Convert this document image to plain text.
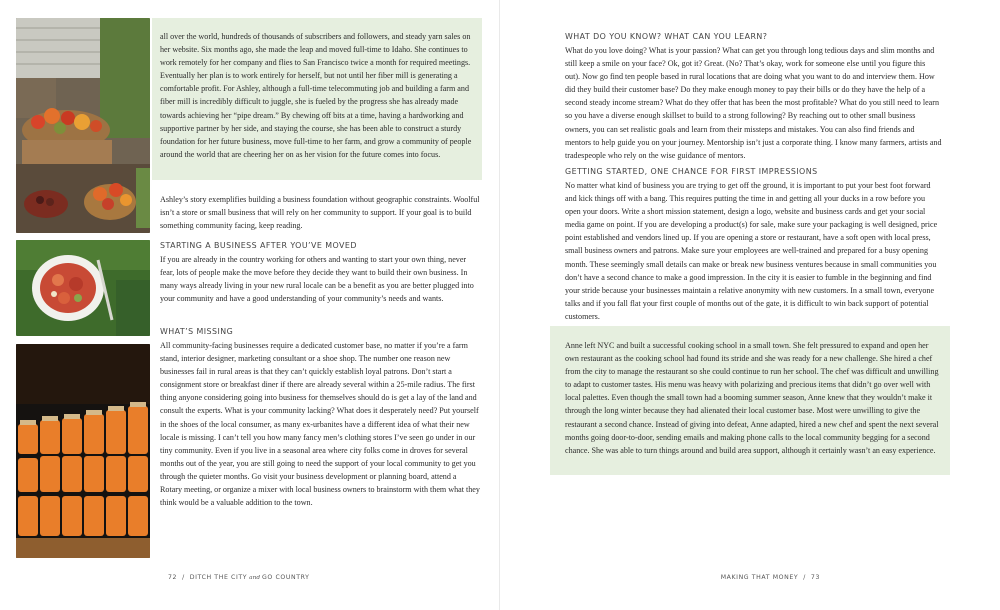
all over the world, hundreds of thousands of subscribers and followers, and steady yarn sales on her website. Six months ago, she made the leap and moved full-time to Idaho. She continues to work remotely for her company and flies to San Francisco twice a month for required meetings. Eventually her plan is to work entirely for herself, but not until her fiber mill is generating a comfortable profit. For Ashley, although a full-time telecommuting job and building a farm and fiber mill is incredibly difficult to juggle, she is fueled by the progress she has already made towards achieving her “pipe dream.” By chewing off bits at a time, having a hardworking and supportive partner by her side, and staying the course, she has been able to construct a sturdy foundation for her future business, move full-time to her farm, and grow a community of people around the world that are cheering her on as her vision for the future comes into focus.

Ashley’s story exemplifies building a business foundation without geographic constraints. Woolful isn’t a store or small business that will rely on her community to support. If your goal is to build something community facing, keep reading.

STARTING A BUSINESS AFTER YOU’VE MOVED

If you are already in the country working for others and wanting to start your own thing, never fear, lots of people make the move before they decide they want to build their own business. In many ways already living in your new rural locale can be a benefit as you are better plugged into your community and have a good understanding of your community’s needs and wants.

WHAT’S MISSING

All community-facing businesses require a dedicated customer base, no matter if you’re a farm stand, interior designer, marketing consultant or a shoe shop. The number one reason new businesses fail in rural areas is that they can’t quickly establish loyal patrons. Don’t start a consignment store or breakfast diner if there are already several within a 25-mile radius. The first thing anyone considering going into business for themselves should do is get a lay of the land and consult the experts. What is your community lacking? What does it desperately need? Put yourself in the shoes of the local consumer, as many ex-urbanites have a different idea of what their new locale is missing. I can’t tell you how many fancy men’s clothing stores I’ve seen go under in our tiny community. Even if you live in a seasonal area where city folks come in droves for several months out of the year, you are still going to need the support of your local community to get you through the quieter months. Go visit your business development or planning board, attend a Rotary meeting, or organize a mixer with local business owners to brainstorm with them what they think would be a valuable addition to the town.

72 / DITCH THE CITY and GO COUNTRY
WHAT DO YOU KNOW? WHAT CAN YOU LEARN?

What do you love doing? What is your passion? What can get you through long tedious days and slim months and still keep a smile on your face? Ok, got it? Great. (No? That’s okay, work for someone else until you figure this out). Now go find ten people based in rural locations that are doing what you want to do and interview them. How did they build their customer base? Do they make enough money to pay their bills or do they have the help of a second steady income stream? What do they offer that has been the most profitable? What do you still need to learn so you have a diverse enough skillset to build to a strong following? By reaching out to other small business owners, you can set realistic goals and learn from their missteps and mistakes. You can also find friends and mentors to help guide you on your journey. Mentorship isn’t just a corporate thing. I know many farmers, artists and tradespeople who rely on the wise guidance of mentors.

GETTING STARTED, ONE CHANCE FOR FIRST IMPRESSIONS

No matter what kind of business you are trying to get off the ground, it is important to put your best foot forward and kick things off with a bang. This requires putting the time in and getting all your ducks in a row before you open your doors. Write a short mission statement, design a logo, website and business cards and get your social media game on point. If you are developing a product(s) for sale, make sure your packaging is well designed, price point established and vendors lined up. If you are opening a store or restaurant, have a soft open with local press, small business owners and patrons. Make sure your employees are well-trained and prepared for a busy opening month. These seemingly small details can make or break new business ventures because in small communities you don’t have a second chance to make a good impression. In the city it is easier to fumble in the beginning and find your stride because your businesses maintain a relative anonymity with new customers. In a small town, everyone talks and if you fall flat your first couple of months out of the gate, it is difficult to win back support of potential customers.

Anne left NYC and built a successful cooking school in a small town. She felt pressured to expand and open her own restaurant as the cooking school had found its stride and she was ready for a new challenge. She hired a chef from the city to manage the restaurant so she could continue to run her school. The chef was difficult and unwilling to adapt to customer tastes. His menu was heavy with polarizing and precious items that didn’t go over well with local palettes. Even though the small town had a booming summer season, Anne knew that they wouldn’t make it through the long winter because they had alienated their local customer base. Most were unwilling to give the restaurant a second chance. Instead of giving into defeat, Anne adapted, hired a new chef and spent the next several months going door-to-door, sending emails and making phone calls to the local community begging for a second chance. She was able to turn things around and build area support, although it certainly wasn’t an easy experience.

MAKING THAT MONEY / 73
